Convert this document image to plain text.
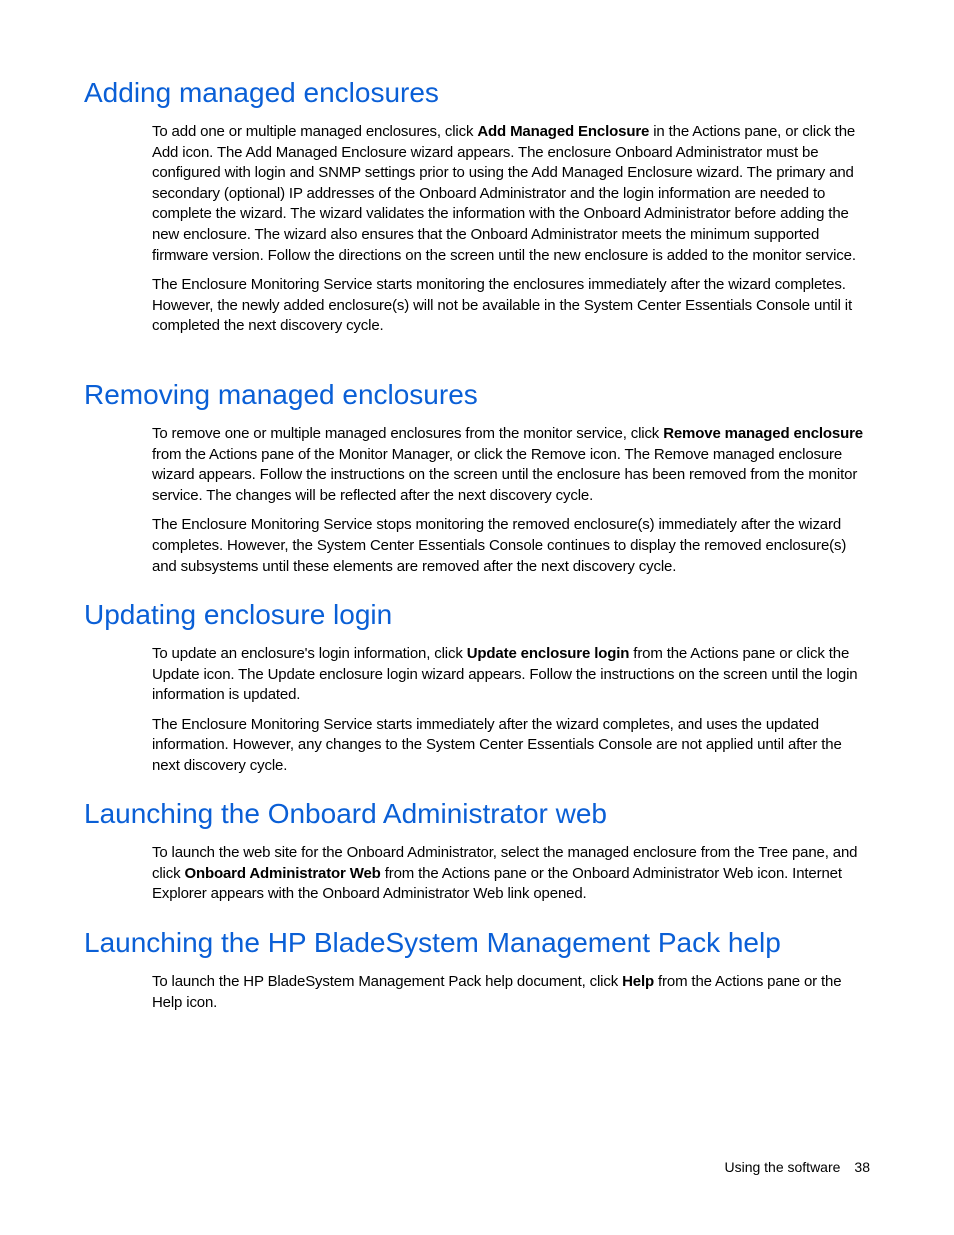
Adding managed enclosures

To add one or multiple managed enclosures, click Add Managed Enclosure in the Actions pane, or click the Add icon. The Add Managed Enclosure wizard appears. The enclosure Onboard Administrator must be configured with login and SNMP settings prior to using the Add Managed Enclosure wizard. The primary and secondary (optional) IP addresses of the Onboard Administrator and the login information are needed to complete the wizard. The wizard validates the information with the Onboard Administrator before adding the new enclosure. The wizard also ensures that the Onboard Administrator meets the minimum supported firmware version. Follow the directions on the screen until the new enclosure is added to the monitor service.

The Enclosure Monitoring Service starts monitoring the enclosures immediately after the wizard completes. However, the newly added enclosure(s) will not be available in the System Center Essentials Console until it completed the next discovery cycle.

Removing managed enclosures

To remove one or multiple managed enclosures from the monitor service, click Remove managed enclosure from the Actions pane of the Monitor Manager, or click the Remove icon. The Remove managed enclosure wizard appears. Follow the instructions on the screen until the enclosure has been removed from the monitor service. The changes will be reflected after the next discovery cycle.

The Enclosure Monitoring Service stops monitoring the removed enclosure(s) immediately after the wizard completes. However, the System Center Essentials Console continues to display the removed enclosure(s) and subsystems until these elements are removed after the next discovery cycle.

Updating enclosure login

To update an enclosure's login information, click Update enclosure login from the Actions pane or click the Update icon. The Update enclosure login wizard appears. Follow the instructions on the screen until the login information is updated.

The Enclosure Monitoring Service starts immediately after the wizard completes, and uses the updated information. However, any changes to the System Center Essentials Console are not applied until after the next discovery cycle.

Launching the Onboard Administrator web

To launch the web site for the Onboard Administrator, select the managed enclosure from the Tree pane, and click Onboard Administrator Web from the Actions pane or the Onboard Administrator Web icon. Internet Explorer appears with the Onboard Administrator Web link opened.

Launching the HP BladeSystem Management Pack help

To launch the HP BladeSystem Management Pack help document, click Help from the Actions pane or the Help icon.

Using the software 38
